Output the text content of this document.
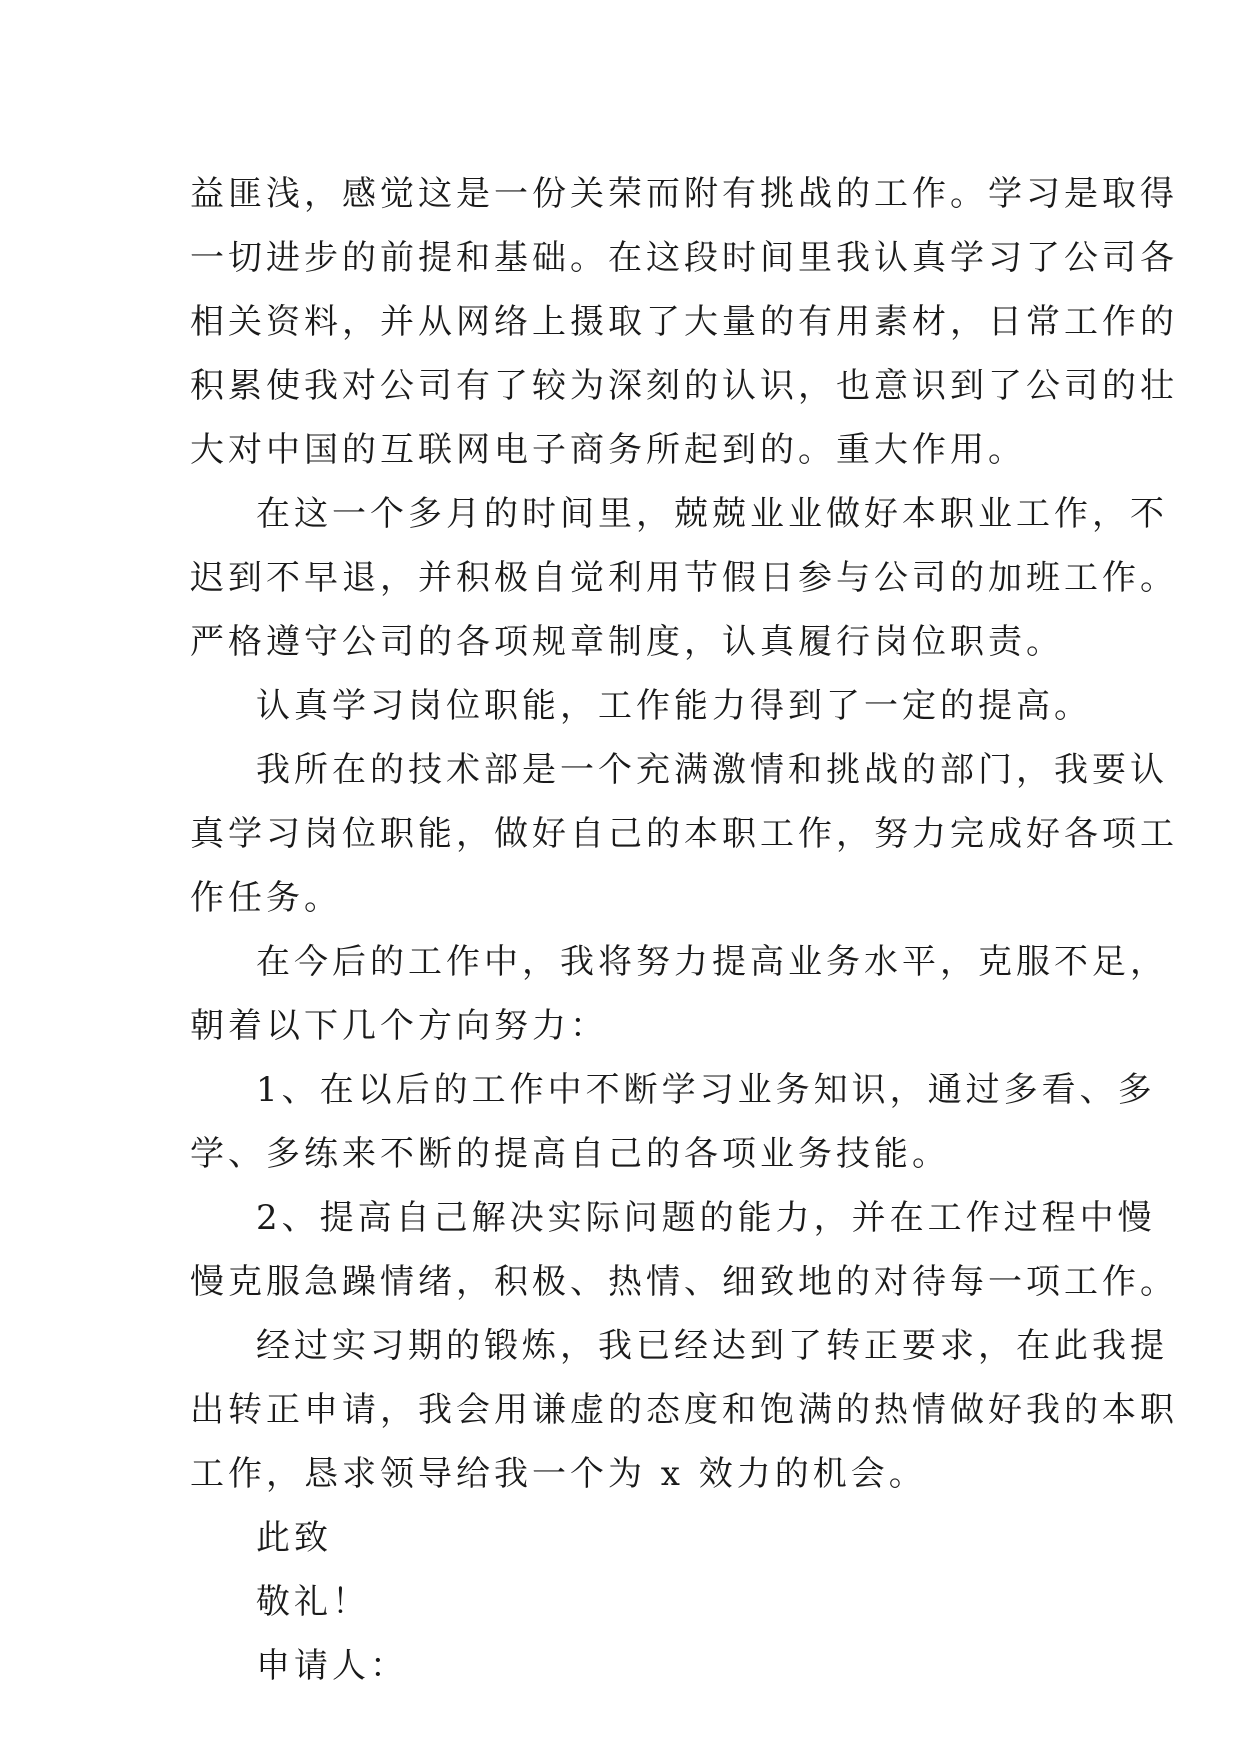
益匪浅，感觉这是一份关荣而附有挑战的工作。学习是取得
一切进步的前提和基础。在这段时间里我认真学习了公司各
相关资料，并从网络上摄取了大量的有用素材，日常工作的
积累使我对公司有了较为深刻的认识，也意识到了公司的壮
大对中国的互联网电子商务所起到的。重大作用。
在这一个多月的时间里，兢兢业业做好本职业工作，不
迟到不早退，并积极自觉利用节假日参与公司的加班工作。
严格遵守公司的各项规章制度，认真履行岗位职责。
认真学习岗位职能，工作能力得到了一定的提高。
我所在的技术部是一个充满激情和挑战的部门，我要认
真学习岗位职能，做好自己的本职工作，努力完成好各项工
作任务。
在今后的工作中，我将努力提高业务水平，克服不足，
朝着以下几个方向努力：
1、在以后的工作中不断学习业务知识，通过多看、多
学、多练来不断的提高自己的各项业务技能。
2、提高自己解决实际问题的能力，并在工作过程中慢
慢克服急躁情绪，积极、热情、细致地的对待每一项工作。
经过实习期的锻炼，我已经达到了转正要求，在此我提
出转正申请，我会用谦虚的态度和饱满的热情做好我的本职
工作，恳求领导给我一个为 x 效力的机会。
此致
敬礼！
申请人：
